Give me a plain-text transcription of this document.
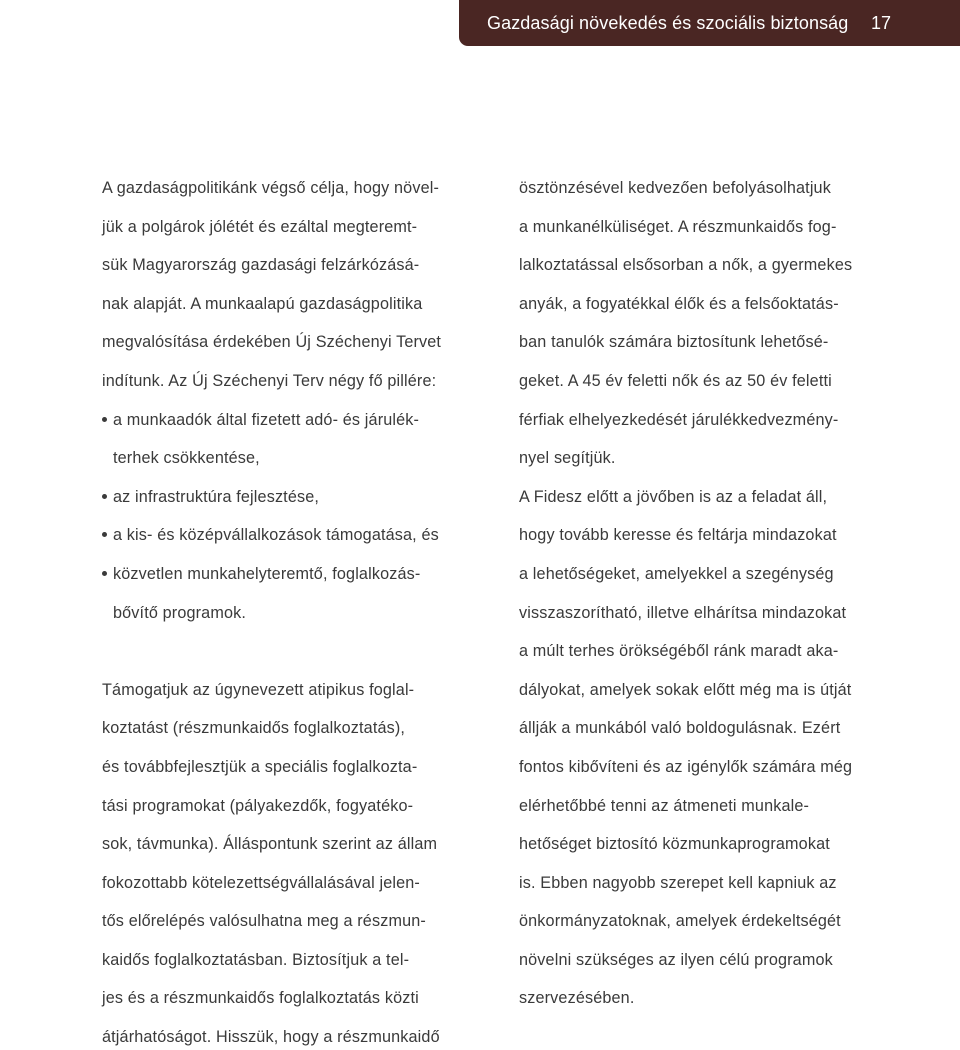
Gazdasági növekedés és szociális biztonság 17
A gazdaságpolitikánk végső célja, hogy növel-
jük a polgárok jólétét és ezáltal megteremt-
sük Magyarország gazdasági felzárkózásá-
nak alapját. A munkaalapú gazdaságpolitika
megvalósítása érdekében Új Széchenyi Tervet
indítunk. Az Új Széchenyi Terv négy fő pillére:
a munkaadók által fizetett adó- és járulék-
terhek csökkentése,
az infrastruktúra fejlesztése,
a kis- és középvállalkozások támogatása, és
közvetlen munkahelyteremtő, foglalkozás-
bővítő programok.
Támogatjuk az úgynevezett atipikus foglal-
koztatást (részmunkaidős foglalkoztatás),
és továbbfejlesztjük a speciális foglalkozta-
tási programokat (pályakezdők, fogyatéko-
sok, távmunka). Álláspontunk szerint az állam
fokozottabb kötelezettségvállalásával jelen-
tős előrelépés valósulhatna meg a részmun-
kaidős foglalkoztatásban. Biztosítjuk a tel-
jes és a részmunkaidős foglalkoztatás közti
átjárhatóságot. Hisszük, hogy a részmunkaidő
ösztönzésével kedvezően befolyásolhatjuk
a munkanélküliséget. A részmunkaidős fog-
lalkoztatással elsősorban a nők, a gyermekes
anyák, a fogyatékkal élők és a felsőoktatás-
ban tanulók számára biztosítunk lehetősé-
geket. A 45 év feletti nők és az 50 év feletti
férfiak elhelyezkedését járulékkedvezmény-
nyel segítjük.
A Fidesz előtt a jövőben is az a feladat áll,
hogy tovább keresse és feltárja mindazokat
a lehetőségeket, amelyekkel a szegénység
visszaszorítható, illetve elhárítsa mindazokat
a múlt terhes örökségéből ránk maradt aka-
dályokat, amelyek sokak előtt még ma is útját
állják a munkából való boldogulásnak. Ezért
fontos kibővíteni és az igénylők számára még
elérhetőbbé tenni az átmeneti munkale-
hetőséget biztosító közmunkaprogramokat
is. Ebben nagyobb szerepet kell kapniuk az
önkormányzatoknak, amelyek érdekeltségét
növelni szükséges az ilyen célú programok
szervezésében.
